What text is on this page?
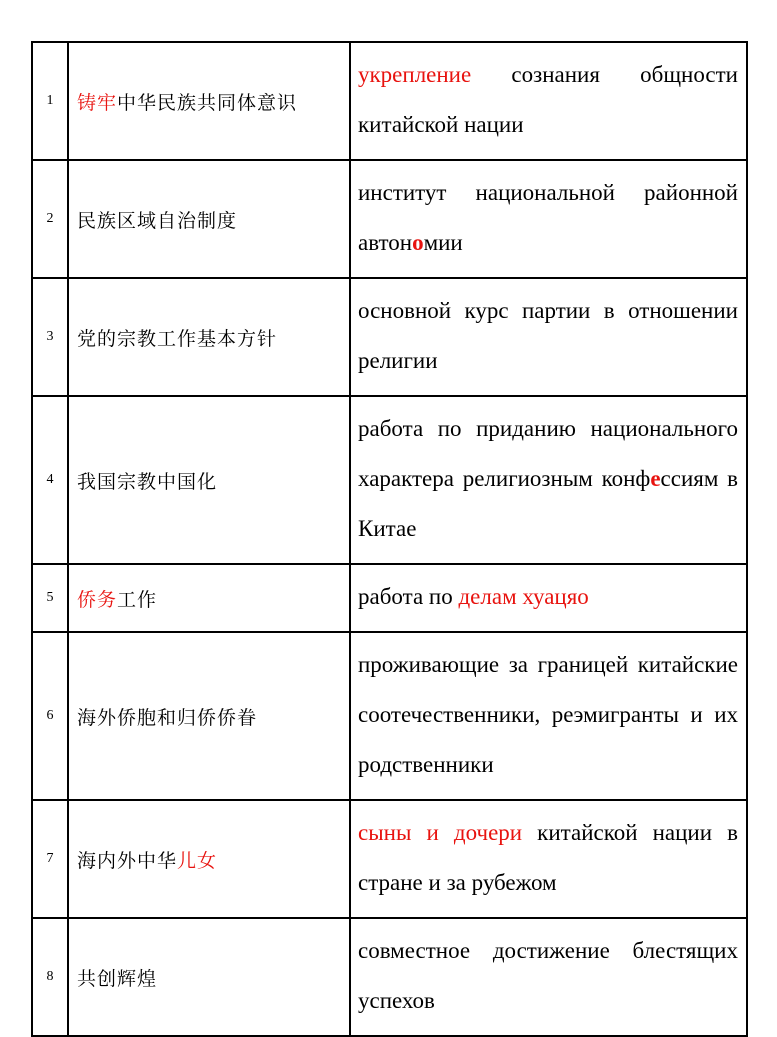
1	铸牢中华民族共同体意识	укрепление сознания общности китайской нации
2	民族区域自治制度	институт национальной районной автономии
3	党的宗教工作基本方针	основной курс партии в отношении религии
4	我国宗教中国化	работа по приданию национального характера религиозным конфессиям в Китае
5	侨务工作	работа по делам хуацяо
6	海外侨胞和归侨侨眷	проживающие за границей китайские соотечественники, реэмигранты и их родственники
7	海内外中华儿女	сыны и дочери китайской нации в стране и за рубежом
8	共创辉煌	совместное достижение блестящих успехов
